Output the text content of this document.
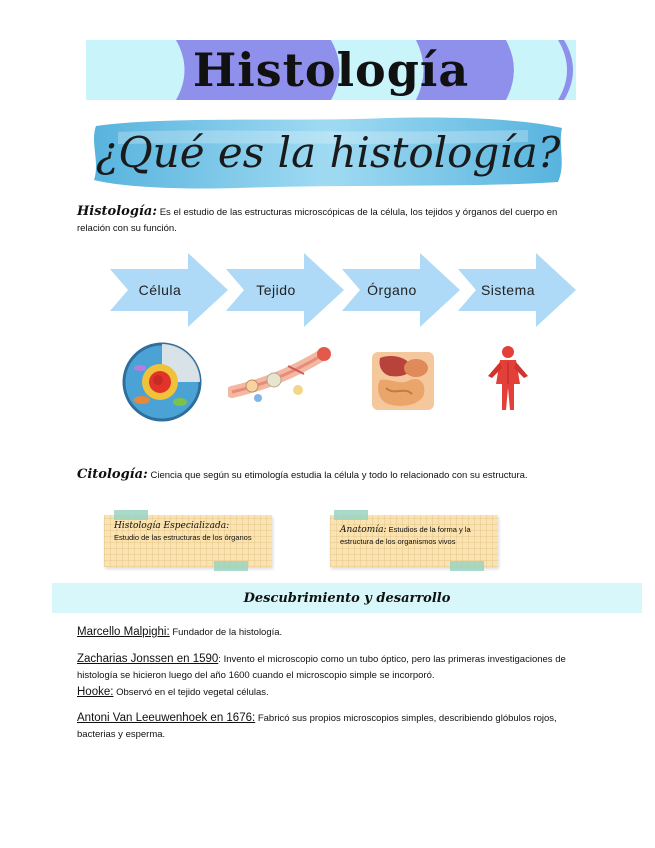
Histología
¿Qué es la histología?
Histología: Es el estudio de las estructuras microscópicas de la célula, los tejidos y órganos del cuerpo en relación con su función.
Célula	Tejido	Órgano	Sistema
Citología: Ciencia que según su etimología estudia la célula y todo lo relacionado con su estructura.
Histología Especializada:
Estudio de las estructuras de los órganos
Anatomía: Estudios de la forma y la estructura de los organismos vivos
Descubrimiento y desarrollo
Marcello Malpighi: Fundador de la histología.
Zacharias Jonssen en 1590: Invento el microscopio como un tubo óptico, pero las primeras investigaciones de histología se hicieron luego del año 1600 cuando el microscopio simple se incorporó.
Hooke: Observó en el tejido vegetal células.
Antoni Van Leeuwenhoek en 1676: Fabricó sus propios microscopios simples, describiendo glóbulos rojos, bacterias y esperma.
